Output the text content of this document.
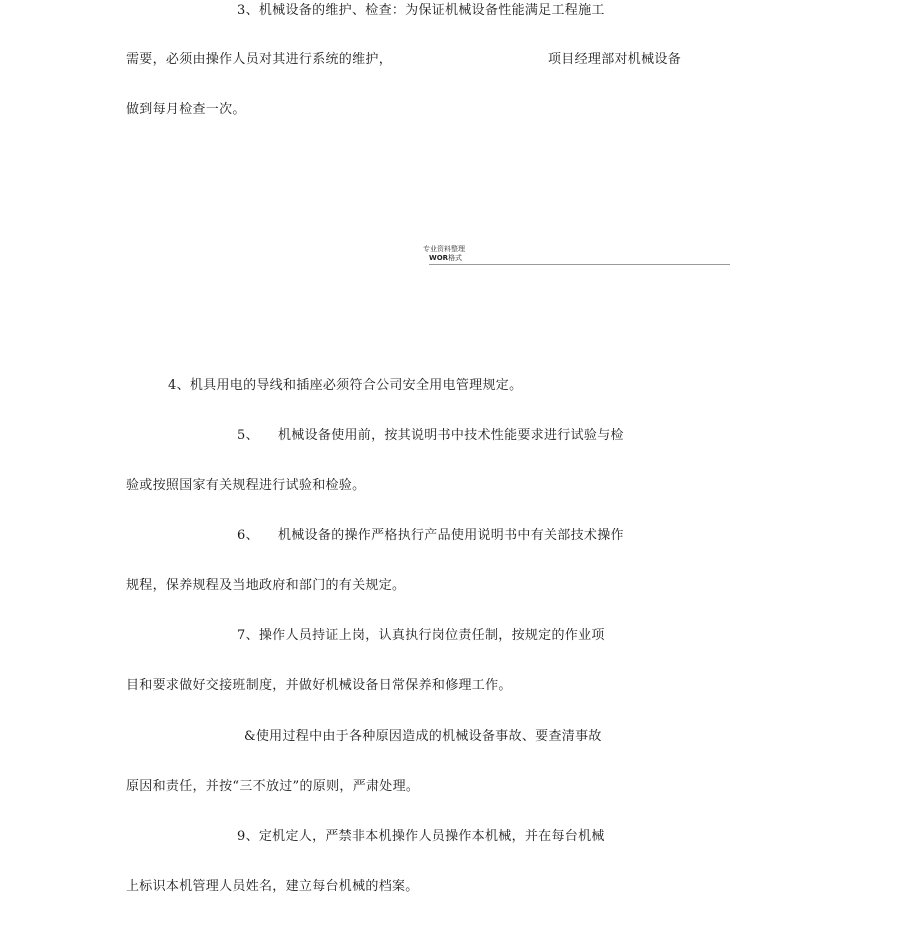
3、机械设备的维护、检查：为保证机械设备性能满足工程施工
需要，必须由操作人员对其进行系统的维护，	项目经理部对机械设备
做到每月检查一次。
专业资料整理
WOR格式
4、机具用电的导线和插座必须符合公司安全用电管理规定。
5、 机械设备使用前，按其说明书中技术性能要求进行试验与检
验或按照国家有关规程进行试验和检验。
6、 机械设备的操作严格执行产品使用说明书中有关部技术操作
规程，保养规程及当地政府和部门的有关规定。
7、操作人员持证上岗，认真执行岗位责任制，按规定的作业项
目和要求做好交接班制度，并做好机械设备日常保养和修理工作。
&使用过程中由于各种原因造成的机械设备事故、要查清事故
原因和责任，并按“三不放过”的原则，严肃处理。
9、定机定人，严禁非本机操作人员操作本机械，并在每台机械
上标识本机管理人员姓名，建立每台机械的档案。
